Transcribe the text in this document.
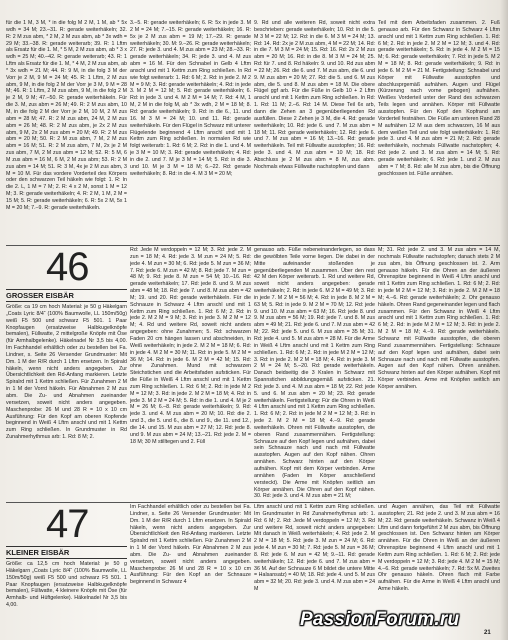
für die 1 M, 3 M, * in die folg M 2 M, 1 M, ab * 5x wdh = 34 M; 23.–31. R: gerade weiterhäkeln; 32. R: 2 M zus abm, * 2 M, 2 M zus abm, ab * 3x wdh = 29 M; 33.–38. R: gerade weiterarb; 39. R: 1 Lftm als Ersatz für die 1. M, * 5 M, 2 M zus abm, ab * 3 x wdh = 25 M; 40.–42. R: gerade weiterarb; 43. R: 1 Lftm als Ersatz für die 1. M, * 4 M, 2 M zus abm, ab * 3x wdh = 21 M; 44. R: 9 M, in die folg 3 M der Vorr je 2 M, 9 M = 24 M; 45. R: 1 Lftm, 2 M zus abm, 9 M, in die folg 2 M der Vorr je 3 M, 9 M = 28 M; 46. R: 1 Lftm, 2 M zus abm, 9 M, in die folg 2 M je 2 M, 9 M; 47.–50. R: gerade weiterhäkeln. Für die 3. M, zus abm = 26 M; 49. R: 2 M zus abm, 10 M, in die folg 2 M der Vorr je 2 M, 10 M, 2 M zus abm = 28 M; 47. R: 2 M zus abm, 24 M, 2 M zus abm = 26 M; 48. R: 2 M zus abm, je 2x 2 M zus abm, 9 M, 2x 2 M zus abm = 20 M; 49. R: 2 M zus abm = 20 M; 50. R: 2 M zus abm, 7 M, 2 M zus abm = 16 M; 51. R: 2 M zus abm, 7 M, 2x je 2 M zus abm, 7 M, 2 M zus abm = 12 M; 52. R: 5 M, 6 M zus abm = 16 M, 6 M, 2 M zus abm; 53. R: 2 M zus abm = 14 M; 51. R: 3 M, 4x je 2 M zus abm, 3 M = 10 M. Für das vordere Vorderteil des Körpers oder den schwarzen Teil häkeln wie folgt: 1. R: In die 2. L, 1 M = 7 M; 2. R: 4 x 2 M, sonst 1 M = 12 M; 3. R: gerade weiterhäkeln; 4. R: 2 M, 1 M, 2 M = 15 M; 5. R: gerade weiterhäkeln; 6. R: 5x 2 M, 5x 1 M = 20 M; 7.–9. R: gerade weiterhäkeln.

3.–5. R: gerade weiterhäkeln; 6. R: 5x in jede 3. M 2 M = 24 M; 7.–15. R: gerade weiterhäkeln; 16. R: 5x je 2 M zus abm = 19 M; 17.–29. R: gerade weiterhäkeln; 30. M: 9.–26. R: gerade weiterhäkeln; 27. R: jede 3. und 4. M zus abm = 23 M; 28.–33. R: gerade weiterhäkeln; 34. R: jede 3. und 4. M zus abm = 16 M. Für den Schnabel in Gelb 4 Lftm anschl und mit 1 Kettm zum Ring schließen. In Rd wie folgt weiterarb: 1. Rd: 6 M; 2. Rd: in jede 2. M 2 M = 9 M; 3. Rd: gerade weiterhäkeln; 4. Rd: in jede 3. M 2 M = 12 M; 5. Rd: gerade weiterhäkeln; 6. Rd: in jede 3. und 4. M 2 M = 14 M; 7. Rd: 4 M, 1 M, 2 M in die folg M, ab * 3x wdh, 2 M = 18 M; 8. Rd: gerade weiterhäkeln; 9. Rd: in die 6., 11. und 16. M 3 M = 24 M; 10. und 11. Rd: gerade weiterhäkeln. Für den Flügel in Schwarz mit unterer Flügelende beginnend 4 Lftm anschl und mit 1 Kettm zum Ring schließen. In normalen Rd wie folgt weiterarb: 1. Rd: 6 M; 2. Rd: in die 1. und 4. M je 3 M = 10 M; 3. Rd: gerade weiterhäkeln; 4. Rd: in die 2. und 7. M je 3 M = 14 M; 5. Rd: in die 3. und 10. M je 3 M = 18 M; 6.–22. Rd: gerade weiterhäkeln; 8. Rd: in die 4. M 3 M = 20 M;

9. Rd und alle weiteren Rd, soweit nicht extra beschrieben: gerade weiterhäkeln; 10. Rd: in die 5. M 3 M = 22 M; 12. Rd: in die 6. M 3 M = 24 M; 13. Rd: 14. Rd: 2x je 2 M zus abm, 4 M = 22 M; 14. Rd: in die 7. M 3 M = 24 M; 15. Rd: 16. Rd: 2x 2 M zus abm = 20 M; 16. Rd: in die 8. M 3 M = 24 M; 25. Rd: für 7. und 8. Rd häkeln: 9. und 10. Rd zus abm = 22 M; 26. Rd: die 6. und 7. M zus abm, die 6. und 9. M zus abm = 20 M; 27. Rd: die 5. und 6. M zus abm, die 5. und 8. M zus abm = 18 M. Die obere Flügel ggf arb. Für die Füße in Gelb 10 + 2 Lftm anschl und mit 1 Kettm zum Ring schließen. In Rd: 1. Rd: 11 M; 2.–6. Rd: 14 M. Diese Teil 6x arb, dann die Zehen an 3 gegenüberliegenden Rd ausfüllen. Diese 2 Zehen je 3 M, die 4. Rd: gerade weiterhäkeln; 10. Rd: jede 6. und 7. M zus abm = 18 M; 11. Rd: gerade weiterhäkeln; 12. Rd: jede 6. und 7. M zus abm = 16 M; 13.–16. Rd: gerade weiterhäkeln. Teil mit Füllwatte ausstopfen; 16. Rd: jede 3. und 4. M zus abm = 10 M; 18. Rd: Abschluss je 2 M zus abm = 8 M, zus abm. Nochmals etwas Füllwatte nachstopfen und dann

Teil mit dem Arbeitsfaden zusammen. 2. Fuß genauso arb. Für den Schwanz in Schwarz 4 Lftm anschl und mit 1 Kettm zum Ring schließen. 1. Rd: 6 M; 2. Rd: in jede 2. M 2 M = 12 M; 3. und 4. Rd: gerade weiterhäkeln; 5. Rd: in jede 4. M 2 M = 15 M; 6. Rd: gerade weiterhäkeln; 7. Rd: in jede 5. M 2 M = 18 M; 8. Rd: gerade weiterhäkeln; 9. Rd: in jede 6. M 2 M = 21 M. Fertigstellung: Schnabel und Körper mit Füllwatte ausstopfen und abschlusprgemäß aufnähen. Augen und Flügel (Kürzerung nach vorne gebogen) aufnähen. Weißes Vorderteil unter der Rand des schwarzen Teils legen und annähen. Körper mit Füllwatte ausstopfen. Für den Kopf den Kopfrand am Vorderteil festnähen. Die Füße am unteren Rand 28 M aufnähen 12 M aus dem schwarzen, 16 M aus dem weißen Teil und wie folgt weiterhäkeln: 1. Rd: jede 3. und 4. M zus abm = 21 M; 2. Rd: gerade weiterhäkeln, nochmals Füllwatte nachstopfen; 4. Rd: jede 2. und 3. M zus abm = 14 M; 5. Rd: gerade weiterhäkeln; 6. Rd: jede 1. und 2. M zus abm = 7 M; 8. Rd: alle M zus abm, bis die Öffnung geschlossen ist. Füße annähen.

46
GROSSER EISBÄR

Größe: ca 19 cm hoch Material: je 50 g Häkelgarn „Coats Lyric 8/4“ (100% Baumwolle, LL 150m/50g) weiß F5 500 und schwarz F5 501. 1 Paar Knopfaugen (ersatzweise Halbkugelknöpfe bemalen), Füllwatte, 2 mittelgroße Knöpfe mit Öse (für Armhalbgelenke). Häkelnadel Nr 3,5 bis 4,00. Im Fachhandel erhältlich oder zu bestellen bei Fa. Lindner, s. Seite 26 Versender Grundmuster: Mit Dm. 1 M der R/R durch 1 Lftm ersetzen. In Spirald häkeln, wenn nicht anders angegeben. Zur Übersichtlichkeit den Rd-Anfang markieren. Letzte Spiralrd mit 1 Kettm schließen. Für Zunahmen 2 M in 1 M der Vorrd häkeln. Für Abnahmen 2 M zus abm. Die Zu- und Abnahmen zueinander versetzen, soweit nicht anders angegeben. Maschenprobe: 26 M und 28 R = 10 x 10 cm Ausführung: Für den Kopf am oberen Kopfende beginnend in Weiß 4 Lftm anschl und mit 1 Kettm zum Ring schließen. In Grundmuster in Rd Zunahmerhythmus arb: 1. Rd: 8 M; 2.

Rd: Jede M verdoppeln = 12 M; 3. Rd: jede 2. M zun = 18 M; 4. Rd: jede 3. M zun = 24 M; 5. Rd: jede 4. M zun = 30 M; 6. Rd: jede 5. M zun = 36 M; 7. Rd: jede 6. M zun = 42 M; 8. Rd: jede 7. M zun = 48 M; 9. Rd: jede 8. M zun = 54 M; 10.–16. Rd: gerade weiterhäkeln; 17. Rd: jede 8. und 9. M zus abm = 48 M; 18. Rd: jede 7. und 8. M zus abm = 42 M; 19. und 20. Rd: gerade weiterhäkeln. Für die Schnauze in Schwarz 4 Lftm anschl und mit 1 Kettm zum Ring schließen. 1. Rd: 6 M; 2. Rd: in jede 2. M 2 M = 9 M; 3. Rd: in jede 3. M 2 M = 12 M; 4. Rd und weitere Rd, soweit nicht anders angegeben: ohne Zunahmen; 5. Rd: schwarzen Faden 20 cm hängen lassen und abschneiden, in Weiß weiterhäkeln; in jede 2. M 2 M = 18 M; 6. Rd: in jede 4. M 2 M = 30 M; 11. Rd: in jede 5. M 2 M = 36 M; 14. Rd: in jede 6. M 2 M = 42 M; 15. Rd: ohne Zunahmen. Mund mit schwarzen Steichstichen und die Arbeitsfaden aufsticken. Für die Füße in Weiß 4 Lftm anschl und mit 1 Kettm zum Ring schließen. 1. Rd: 6 M; 2. Rd: in jede M 2 M = 12 M; 3. Rd: in jede 2. M 2 M = 18 M; 4. Rd: in jede 3. M 2 M = 24 M; 5. Rd: in die 1. und 4. M je 2 M = 26 M; 6.–8. Rd: gerade weiterhäkeln; 9. Rd: jede 3. und 4. M zus abm = 20 M; 10. Rd: die 2. und 3., die 5. und 6., die 8. und 9., die 11. und 12., die 14. und 15. M zus abm = 27 M; 12. Rd: jede 8. und 9. M zus abm = 24 M; 13.–21. Rd: jede 2. M = 18 M; 30 M stilltegen und 2. Füll

genauso arb. Füße nebeneinanderlegen, so dass die gewölbten Teile vorne liegen. Die dabei in der Mitte aufeinander stoßenden je gegenüberliegenden M zusammen. Über den rest 42 M den Körper weiterarb. 1. Rd und weitere Rd, soweit nicht anders angegeben: gerade weiterhäkeln; 2. Rd: in jede 6. M 2 M = 49 M; 3. Rd: in jede 7. M 2 M = 56 M; 4. Rd: in jede 8. M 2 M = 63 M; 5. Rd: in jede 9. M 2 M = 70 M; 12. Rd: jede 9. und 10. M zus abm = 63 M; 16. Rd: jede 8. und 9. M zus abm = 56 M; 19. Rd: jede 7. und 8. M zus abm = 49 M; 21. Rd: jede 6. und 7. M zus abm = 42 M; 22. Rd: jede 5. und 6. M zus abm = 35 M; 31. Rd: jede 4. und 5. M zus abm = 28 M. Für die Arme in Weiß 4 Lftm anschl und mit 1 Kettm zum Ring schließen. 1. Rd: 6 M; 2. Rd: in jede M 2 M = 12 M; 3. Rd: in jede 2. M 2 M = 18 M; 4. Rd: in jede 3. M 2 M = 24 M; 5.–20. Rd: gerade weiterhäkeln. Danach beidseitig die 3 Kralen in Schwarz mit Spannstichen abbildungsgemäß aufsticken. 21. Rd: jede 3. und 4. M zus abm = 18 M; 22. Rd: jede 5. und 6. M zus abm = 20 M; 23. Rd: gerade weiterhäkeln. Fertigstellung: Für die Ohren in Weiß 4 Lftm anschl und mit 1 Kettm zum Ring schließen. 1. Rd: 6 M; 2. Rd: in jede M 2 M = 12 M; 3. Rd: in jede 2. M 2 M = 18 M; 4.–9. Rd: gerade weiterhäkeln. Ohren mit Füllwatte ausstopfen, die oberen Rand zusammennähen. Fertigstellung: Schnauze auf den Kopf legen und aufnähen, dabei sein Schnauze nach und nach mit Füllwatte ausstopfen. Augen auf den Kopf nähen. Ohren annähen. Schwarz hinten auf den Körper aufnähen. Kopf mit dem Körper verbinden. Arme annähen (Faden im Körper anschließend versteckt). Die Arme mit Knöpfen seitlich am Körper annähen. Die Ohren auf den Kopf nähen. 30. Rd: jede 3. und 4. M zus abm = 21 M;

M; 31. Rd: jede 2. und 3. M zus abm = 14 M, nochmals Füllwatte nachstopfen; danach stets 2 M zus abm, bis Öffnung geschlossen ist. 2. Arm genauso häkeln. Für die Ohren an der äußeren Ohrenspitze beginnend in Weiß 4 Lftm anschl und mit 1 Kettm zum Ring schließen. 1. Rd: 6 M; 2. Rd: in jede M 2 M = 12 M; 3. Rd: in jede 2. M 2 M = 18 M; 4.–6. Rd: gerade weiterhäkeln; 2. Ohr genauso häkeln. Ohren Rand gegeneinander legen und flach zusammen. Für den Schwanz in Weiß 4 Lftm anschl und mit 1 Kettm zum Ring schließen. 1. Rd: 6 M; 2. Rd: in jede M 2 M = 12 M; 3. Rd: in jede 2. M 2 M = 18 M; 4.–9. Rd: gerade weiterhäkeln. Schwanz mit Füllwatte ausstopfen, die oberen Rand zusammennähen. Fertigstellung: Schnauze auf den Kopf legen und aufnähen, dabei sein Schnauze nach und nach mit Füllwatte ausstopfen. Augen auf den Kopf nähen. Ohren annähen. Schwanz hinten auf den Körper aufnähen. Kopf mit Körper verbinden. Arme mit Knöpfen seitlich am Körper annähen.

47
KLEINER EISBÄR

Größe: ca 12,5 cm hoch Material: je 50 g Häkelgarn „Coats Lyric 8/4“ (100% Baumwolle, LL 150m/50g) weiß F5 500 und schwarz F5 501. 1 Paar Knopfaugen (ersatzweise Halbkugelknöpfe bemalen), Füllwatte, 4 kleinere Knöpfe mit Öse (für Armhalb- und Hüftgelenke). Häkelnadel Nr 3,5 bis 4,00.

Im Fachhandel erhältlich oder zu bestellen bei Fa. Lindner, s. Seite 26 Versender Grundmuster: Mit Dm. 1 M der R/R durch 1 Lftm ersetzen. In Spirald häkeln, wenn nicht anders angegeben. Zur Übersichtlichkeit den Rd-Anfang markieren. Letzte Spiralrd mit 1 Kettm schließen. Für Zunahmen 2 M in 1 M der Vorrd häkeln. Für Abnahmen 2 M zus abm. Die Zu- und Abnahmen zueinander versetzen, soweit nicht anders angegeben. Maschenprobe: 26 M und 28 R = 10 x 10 cm Ausführung: Für den Kopf an der Schnauze beginnend in Schwarz 4

Lftm anschl und mit 1 Kettm zum Ring schließen. Im Grundmuster in Rd Zunahmerhythmus arb: 1. Rd: 6 M; 2. Rd: Jede M verdoppeln = 12 M; 3. Rd und weitere Rd, soweit nicht anders angegeben: Mit danach in Weiß weiterhäkeln; 4. Rd: jede 2. M 2 M = 18 M; 5. Rd: jede 3. M zun = 24 M; 6. Rd: jede 4. M zun = 30 M; 7. Rd: jede 5. M zun = 36 M; 8. Rd: jede 6. M zun = 42 M; 9.–11. Rd: gerade weiterhäkeln; 12. Rd: jede 6. und 7. M zus abm = 36 M. Auf der Schnauze 6 M bildet die untere Mitte = Halsansatz) = 40 M; 18. Rd: jede 4. und 5. M zus abm = 32 M; 20. Rd: jede 3. und 4. M zus abm = 24 M

und Augen annähen, das Teil mit Füllwatte ausstopfen; 21. Rd: jede 2. und 3. M zus abm = 16 M; 22. Rd: gerade weiterhäkeln. Schwanz in Weiß 4 Lftm und dann fortgeführt 2 M zus abm, bis Öffnung geschlossen ist. Den Schwanz hinten am Körper annähen. Für die Ohren in Weiß an der äußeren Ohrenspitze beginnend 4 Lftm anschl und mit 1 Kettm zum Ring schließen. 1. Rd: 6 M; 2. Rd: jede M verdoppeln = 12 M; 3. Rd: jede 4. M 2 M = 15 M; 4.–6. Rd: gerade weiterhäkeln; 7. Rd: 5x M. Zweites Ohr genauso häkeln. Ohren flach mit Farbe aufnähen. Für die Arme in Weiß 4 Lftm anschl und Arme häkeln.

PassionForum.ru
21
